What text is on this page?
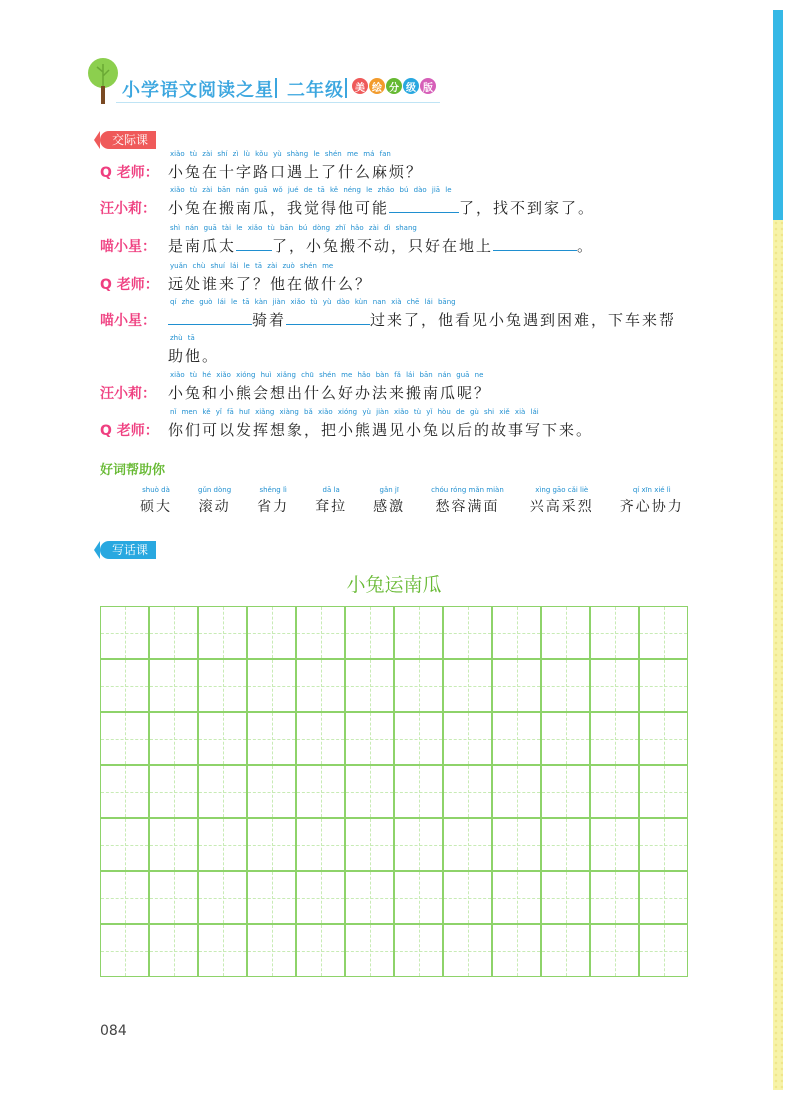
小学语文阅读之星 二年级	美 绘 分 级 版
交际课
xiǎo tù zài shí zì lù kǒu yù shàng le shén me má fan
Q 老师： 小兔在十字路口遇上了什么麻烦？
xiǎo tù zài bān nán guā wǒ jué de tā kě néng le zhǎo bú dào jiā le
汪小莉： 小兔在搬南瓜，我觉得他可能	了，找不到家了。
shì nán guā tài le xiǎo tù bān bú dòng zhǐ hǎo zài dì shang
喵小星： 是南瓜太 了，小兔搬不动，只好在地上	。
yuǎn chù shuí lái le tā zài zuò shén me
Q 老师： 远处谁来了？他在做什么？
qí zhe guò lái le tā kàn jiàn xiǎo tù yù dào kùn nan xià chē lái bāng
喵小星：	骑着	过来了，他看见小兔遇到困难，下车来帮
zhù tā
助他。
xiǎo tù hé xiǎo xióng huì xiǎng chū shén me hǎo bàn fǎ lái bān nán guā ne
汪小莉： 小兔和小熊会想出什么好办法来搬南瓜呢？
nǐ men kě yǐ fā huī xiǎng xiàng bǎ xiǎo xióng yù jiàn xiǎo tù yǐ hòu de gù shi xiě xià lái
Q 老师： 你们可以发挥想象，把小熊遇见小兔以后的故事写下来。
好词帮助你
shuò dà
硕大
gǔn dòng
滚动
shěng lì
省力
dā la
耷拉
gǎn jī
感激
chóu róng mǎn miàn
愁容满面
xìng gāo cǎi liè
兴高采烈
qí xīn xié lì
齐心协力
写话课
小兔运南瓜
084
